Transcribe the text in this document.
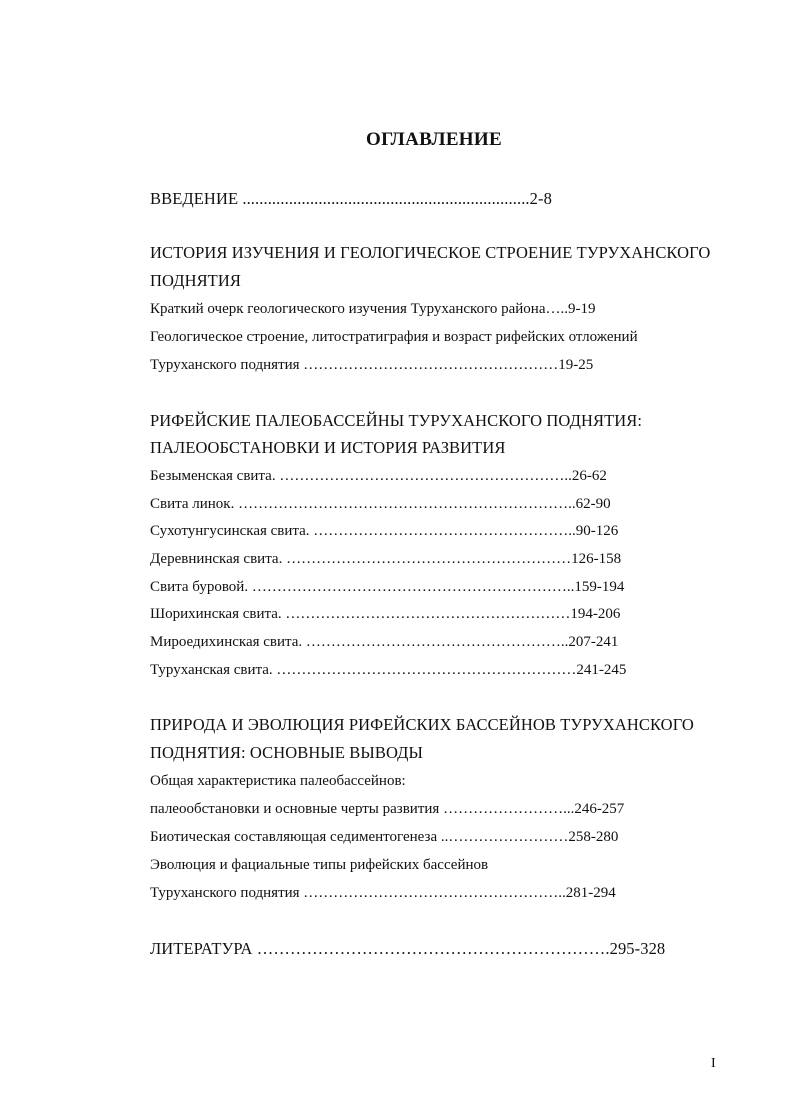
ОГЛАВЛЕНИЕ
ВВЕДЕНИЕ ....................................................................2-8
ИСТОРИЯ ИЗУЧЕНИЯ И ГЕОЛОГИЧЕСКОЕ СТРОЕНИЕ ТУРУХАНСКОГО
ПОДНЯТИЯ
Краткий очерк геологического изучения Туруханского района…..9-19
Геологическое строение, литостратиграфия и возраст рифейских отложений
Туруханского поднятия ……………………………………………19-25
РИФЕЙСКИЕ ПАЛЕОБАССЕЙНЫ ТУРУХАНСКОГО ПОДНЯТИЯ:
ПАЛЕООБСТАНОВКИ И ИСТОРИЯ РАЗВИТИЯ
Безыменская свита. …………………………………………………..26-62
Свита линок. …………………………………………………………..62-90
Сухотунгусинская свита. ……………………………………………..90-126
Деревнинская свита. …………………………………………………126-158
Свита буровой. ………………………………………………………..159-194
Шорихинская свита. …………………………………………………194-206
Мироедихинская свита. ……………………………………………..207-241
Туруханская свита. ……………………………………………………241-245
ПРИРОДА И ЭВОЛЮЦИЯ РИФЕЙСКИХ БАССЕЙНОВ ТУРУХАНСКОГО
ПОДНЯТИЯ: ОСНОВНЫЕ ВЫВОДЫ
Общая характеристика палеобассейнов:
палеообстановки и основные черты развития ……………………...246-257
Биотическая составляющая седиментогенеза ..……………………258-280
Эволюция и фациальные типы рифейских бассейнов
Туруханского поднятия ……………………………………………..281-294
ЛИТЕРАТУРА ……………………………………………………….295-328
I
